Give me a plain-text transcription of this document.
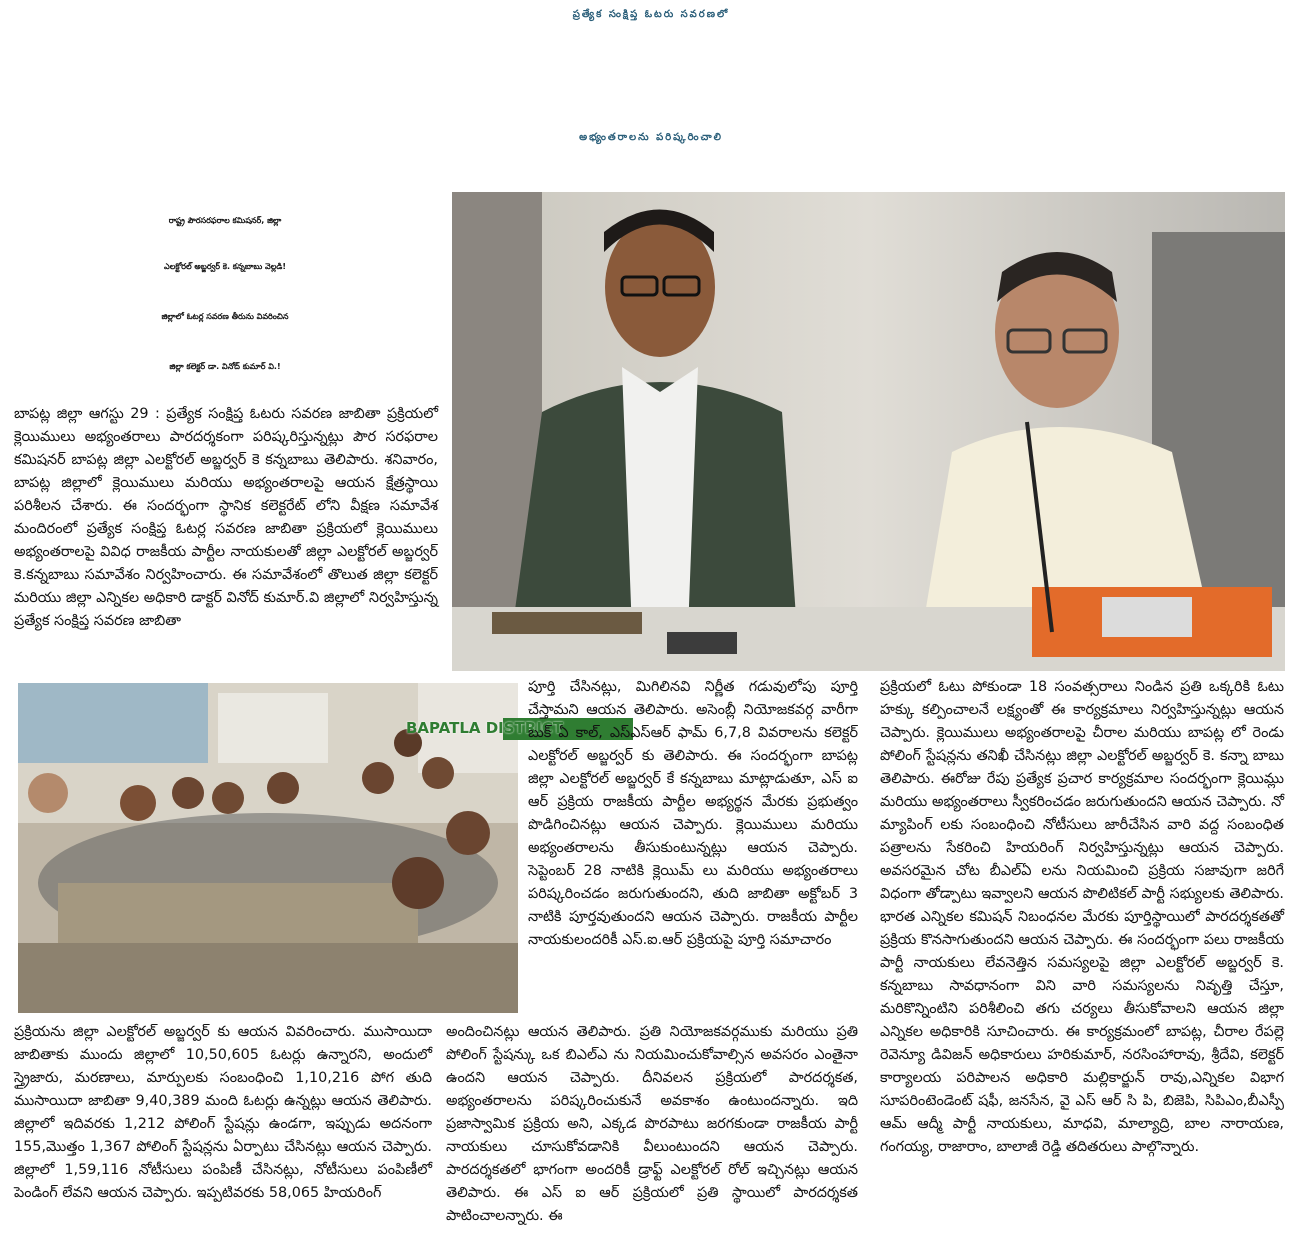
ప్రత్యేక సంక్షిప్త ఓటరు సవరణలో
అభ్యంతరాలను పరిష్కరించాలి
రాష్ట్ర పౌరసరఫరాల కమిషనర్, జిల్లా
ఎలక్టోరల్ అబ్జర్వర్ కె. కన్నబాబు వెల్లడి!
జిల్లాలో ఓటర్ల సవరణ తీరును వివరించిన
జిల్లా కలెక్టర్ డా. వినోద్ కుమార్ వి.!
BAPATLA DISTRICT

బాపట్ల జిల్లా ఆగస్టు 29 : ప్రత్యేక సంక్షిప్త ఓటరు సవరణ జాబితా ప్రక్రియలో క్లెయిములు అభ్యంతరాలు పారదర్శకంగా పరిష్కరిస్తున్నట్లు పౌర సరఫరాల కమిషనర్ బాపట్ల జిల్లా ఎలక్టోరల్ అబ్జర్వర్ కె కన్నబాబు తెలిపారు. శనివారం, బాపట్ల జిల్లాలో క్లెయిములు మరియు అభ్యంతరాలపై ఆయన క్షేత్రస్థాయి పరిశీలన చేశారు. ఈ సందర్భంగా స్థానిక కలెక్టరేట్ లోని వీక్షణ సమావేశ మందిరంలో ప్రత్యేక సంక్షిప్త ఓటర్ల సవరణ జాబితా ప్రక్రియలో క్లెయిములు అభ్యంతరాలపై వివిధ రాజకీయ పార్టీల నాయకులతో జిల్లా ఎలక్టోరల్ అబ్జర్వర్ కె.కన్నబాబు సమావేశం నిర్వహించారు. ఈ సమావేశంలో తొలుత జిల్లా కలెక్టర్ మరియు జిల్లా ఎన్నికల అధికారి డాక్టర్ వినోద్ కుమార్.వి జిల్లాలో నిర్వహిస్తున్న ప్రత్యేక సంక్షిప్త సవరణ జాబితా

ప్రక్రియను జిల్లా ఎలక్టోరల్ అబ్జర్వర్ కు ఆయన వివరించారు. ముసాయిదా జాబితాకు ముందు జిల్లాలో 10,50,605 ఓటర్లు ఉన్నారని, అందులో స్త్రైజారు, మరణాలు, మార్పులకు సంబంధించి 1,10,216 పోగ తుది ముసాయిదా జాబితా 9,40,389 మంది ఓటర్లు ఉన్నట్లు ఆయన తెలిపారు. జిల్లాలో ఇదివరకు 1,212 పోలింగ్ స్టేషన్లు ఉండగా, ఇప్పుడు అదనంగా 155,మొత్తం 1,367 పోలింగ్ స్టేషన్లను ఏర్పాటు చేసినట్లు ఆయన చెప్పారు. జిల్లాలో 1,59,116 నోటీసులు పంపిణీ చేసినట్లు, నోటీసులు పంపిణీలో పెండింగ్ లేవని ఆయన చెప్పారు. ఇప్పటివరకు 58,065 హియరింగ్

పూర్తి చేసినట్లు, మిగిలినవి నిర్ణీత గడువులోపు పూర్తి చేస్తామని ఆయన తెలిపారు. అసెంబ్లీ నియోజకవర్గ వారీగా బుక్ ఏ కాల్, ఎస్ఎస్ఆర్ ఫామ్ 6,7,8 వివరాలను కలెక్టర్ ఎలక్టోరల్ అబ్జర్వర్ కు తెలిపారు. ఈ సందర్భంగా బాపట్ల జిల్లా ఎలక్టోరల్ అబ్జర్వర్ కే కన్నబాబు మాట్లాడుతూ, ఎస్ ఐ ఆర్ ప్రక్రియ రాజకీయ పార్టీల అభ్యర్థన మేరకు ప్రభుత్వం పొడిగించినట్లు ఆయన చెప్పారు. క్లెయిములు మరియు అభ్యంతరాలను తీసుకుంటున్నట్లు ఆయన చెప్పారు. సెప్టెంబర్ 28 నాటికి క్లెయిమ్ లు మరియు అభ్యంతరాలు పరిష్కరించడం జరుగుతుందని, తుది జాబితా అక్టోబర్ 3 నాటికి పూర్తవుతుందని ఆయన చెప్పారు. రాజకీయ పార్టీల నాయకులందరికీ ఎస్.ఐ.ఆర్ ప్రక్రియపై పూర్తి సమాచారం

అందించినట్లు ఆయన తెలిపారు. ప్రతి నియోజకవర్గముకు మరియు ప్రతి పోలింగ్ స్టేషన్కు ఒక బిఎల్ఎ ను నియమించుకోవాల్సిన అవసరం ఎంతైనా ఉందని ఆయన చెప్పారు. దీనివలన ప్రక్రియలో పారదర్శకత, అభ్యంతరాలను పరిష్కరించుకునే అవకాశం ఉంటుందన్నారు. ఇది ప్రజాస్వామిక ప్రక్రియ అని, ఎక్కడ పొరపాటు జరగకుండా రాజకీయ పార్టీ నాయకులు చూసుకోవడానికి వీలుంటుందని ఆయన చెప్పారు. పారదర్శకతలో భాగంగా అందరికీ డ్రాఫ్ట్ ఎలక్టోరల్ రోల్ ఇచ్చినట్లు ఆయన తెలిపారు. ఈ ఎస్ ఐ ఆర్ ప్రక్రియలో ప్రతి స్థాయిలో పారదర్శకత పాటించాలన్నారు. ఈ

ప్రక్రియలో ఓటు పోకుండా 18 సంవత్సరాలు నిండిన ప్రతి ఒక్కరికి ఓటు హక్కు కల్పించాలనే లక్ష్యంతో ఈ కార్యక్రమాలు నిర్వహిస్తున్నట్లు ఆయన చెప్పారు. క్లెయిములు అభ్యంతరాలపై చీరాల మరియు బాపట్ల లో రెండు పోలింగ్ స్టేషన్లను తనిఖీ చేసినట్లు జిల్లా ఎలక్టోరల్ అబ్జర్వర్ కె. కన్నా బాబు తెలిపారు. ఈరోజు రేపు ప్రత్యేక ప్రచార కార్యక్రమాల సందర్భంగా క్లెయిమ్లు మరియు అభ్యంతరాలు స్వీకరించడం జరుగుతుందని ఆయన చెప్పారు. నో మ్యాపింగ్ లకు సంబంధించి నోటీసులు జారీచేసిన వారి వద్ద సంబంధిత పత్రాలను సేకరించి హియరింగ్ నిర్వహిస్తున్నట్లు ఆయన చెప్పారు. అవసరమైన చోట బీఎల్ఏ లను నియమించి ప్రక్రియ సజావుగా జరిగే విధంగా తోడ్పాటు ఇవ్వాలని ఆయన పొలిటికల్ పార్టీ సభ్యులకు తెలిపారు. భారత ఎన్నికల కమిషన్ నిబంధనల మేరకు పూర్తిస్థాయిలో పారదర్శకతతో ప్రక్రియ కొనసాగుతుందని ఆయన చెప్పారు. ఈ సందర్భంగా పలు రాజకీయ పార్టీ నాయకులు లేవనెత్తిన సమస్యలపై జిల్లా ఎలక్టోరల్ అబ్జర్వర్ కె. కన్నబాబు సావధానంగా విని వారి సమస్యలను నివృత్తి చేస్తూ, మరికొన్నింటిని పరిశీలించి తగు చర్యలు తీసుకోవాలని ఆయన జిల్లా ఎన్నికల అధికారికి సూచించారు. ఈ కార్యక్రమంలో బాపట్ల, చీరాల రేపల్లె రెవెన్యూ డివిజన్ అధికారులు హరికుమార్, నరసింహారావు, శ్రీదేవి, కలెక్టర్ కార్యాలయ పరిపాలన అధికారి మల్లికార్జున్ రావు,ఎన్నికల విభాగ సూపరింటెండెంట్ షఫీ, జనసేన, వై ఎస్ ఆర్ సి పి, బిజెపి, సిపిఎం,బీఎస్పీ ఆమ్ ఆద్మీ పార్టీ నాయకులు, మాధవి, మాల్యాద్రి, బాల నారాయణ, గంగయ్య, రాజారాం, బాలాజీ రెడ్డి తదితరులు పాల్గొన్నారు.
